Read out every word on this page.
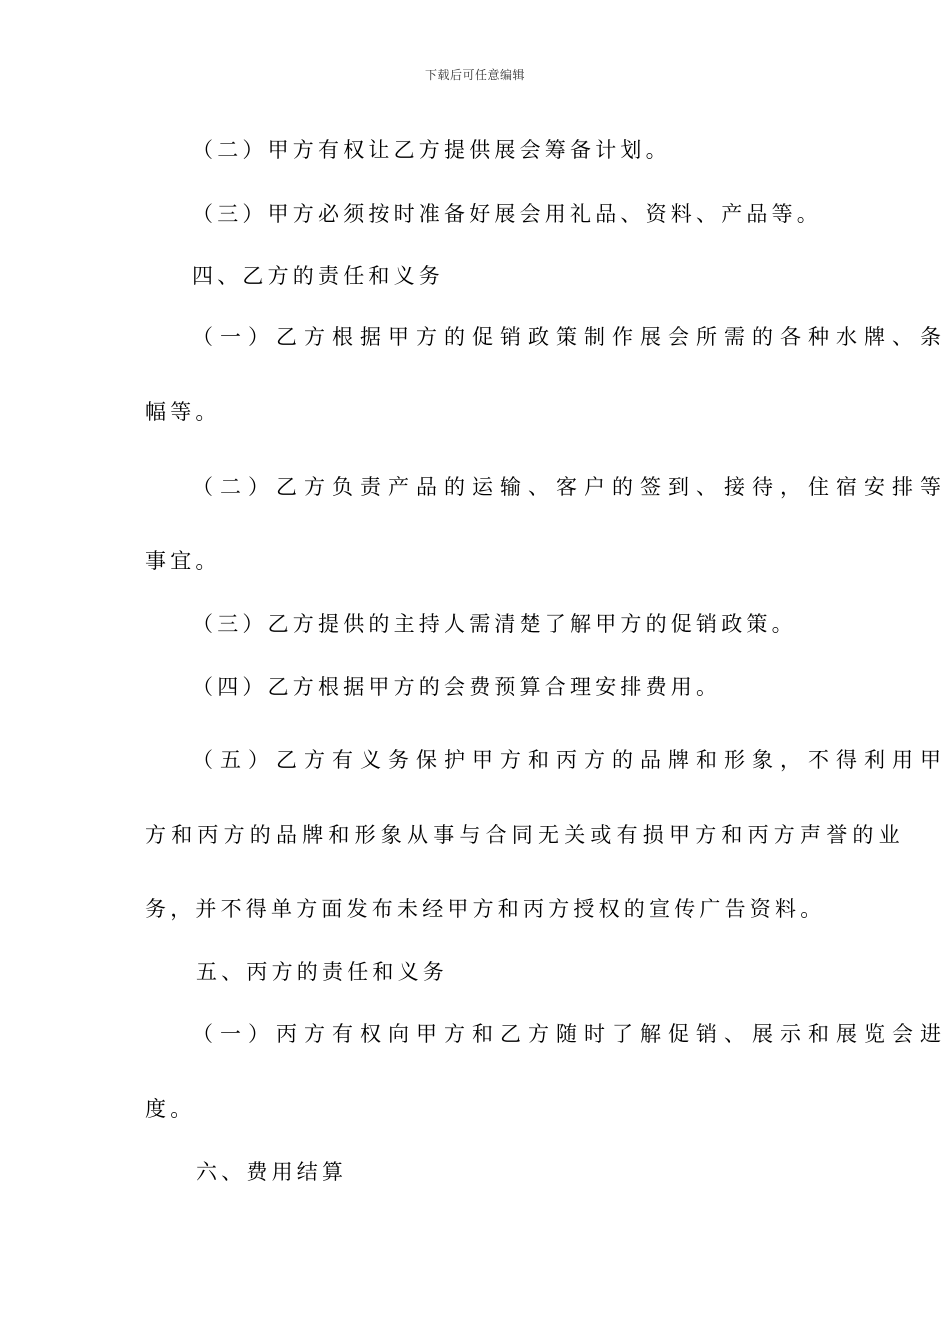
下载后可任意编辑
（二）甲方有权让乙方提供展会筹备计划。
（三）甲方必须按时准备好展会用礼品、资料、产品等。
四、乙方的责任和义务
（一）乙方根据甲方的促销政策制作展会所需的各种水牌、条
幅等。
（二）乙方负责产品的运输、客户的签到、接待，住宿安排等
事宜。
（三）乙方提供的主持人需清楚了解甲方的促销政策。
（四）乙方根据甲方的会费预算合理安排费用。
（五）乙方有义务保护甲方和丙方的品牌和形象，不得利用甲
方和丙方的品牌和形象从事与合同无关或有损甲方和丙方声誉的业
务，并不得单方面发布未经甲方和丙方授权的宣传广告资料。
五、丙方的责任和义务
（一）丙方有权向甲方和乙方随时了解促销、展示和展览会进
度。
六、费用结算
